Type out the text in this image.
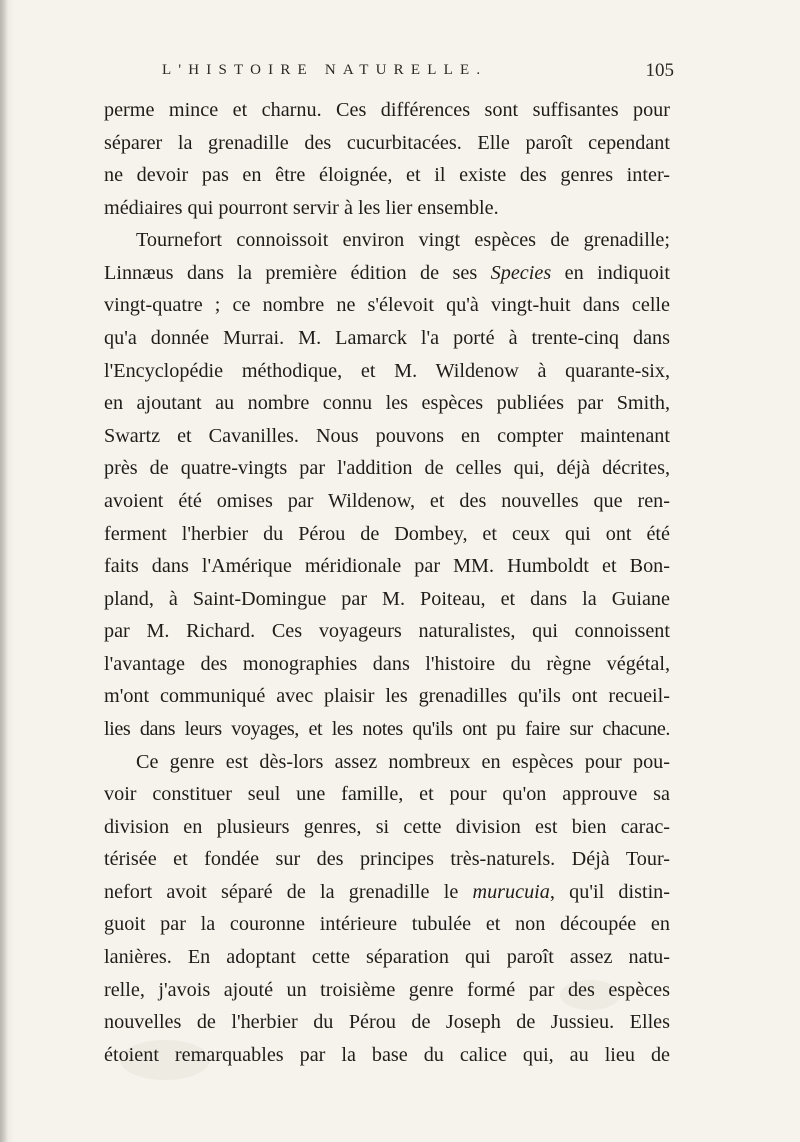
L'HISTOIRE NATURELLE.	105
perme mince et charnu. Ces différences sont suffisantes pour
séparer la grenadille des cucurbitacées. Elle paroît cependant
ne devoir pas en être éloignée, et il existe des genres inter-
médiaires qui pourront servir à les lier ensemble.
Tournefort connoissoit environ vingt espèces de grenadille;
Linnæus dans la première édition de ses Species en indiquoit
vingt-quatre ; ce nombre ne s'élevoit qu'à vingt-huit dans celle
qu'a donnée Murrai. M. Lamarck l'a porté à trente-cinq dans
l'Encyclopédie méthodique, et M. Wildenow à quarante-six,
en ajoutant au nombre connu les espèces publiées par Smith,
Swartz et Cavanilles. Nous pouvons en compter maintenant
près de quatre-vingts par l'addition de celles qui, déjà décrites,
avoient été omises par Wildenow, et des nouvelles que ren-
ferment l'herbier du Pérou de Dombey, et ceux qui ont été
faits dans l'Amérique méridionale par MM. Humboldt et Bon-
pland, à Saint-Domingue par M. Poiteau, et dans la Guiane
par M. Richard. Ces voyageurs naturalistes, qui connoissent
l'avantage des monographies dans l'histoire du règne végétal,
m'ont communiqué avec plaisir les grenadilles qu'ils ont recueil-
lies dans leurs voyages, et les notes qu'ils ont pu faire sur chacune.
Ce genre est dès-lors assez nombreux en espèces pour pou-
voir constituer seul une famille, et pour qu'on approuve sa
division en plusieurs genres, si cette division est bien carac-
térisée et fondée sur des principes très-naturels. Déjà Tour-
nefort avoit séparé de la grenadille le murucuia, qu'il distin-
guoit par la couronne intérieure tubulée et non découpée en
lanières. En adoptant cette séparation qui paroît assez natu-
relle, j'avois ajouté un troisième genre formé par des espèces
nouvelles de l'herbier du Pérou de Joseph de Jussieu. Elles
étoient remarquables par la base du calice qui, au lieu de
